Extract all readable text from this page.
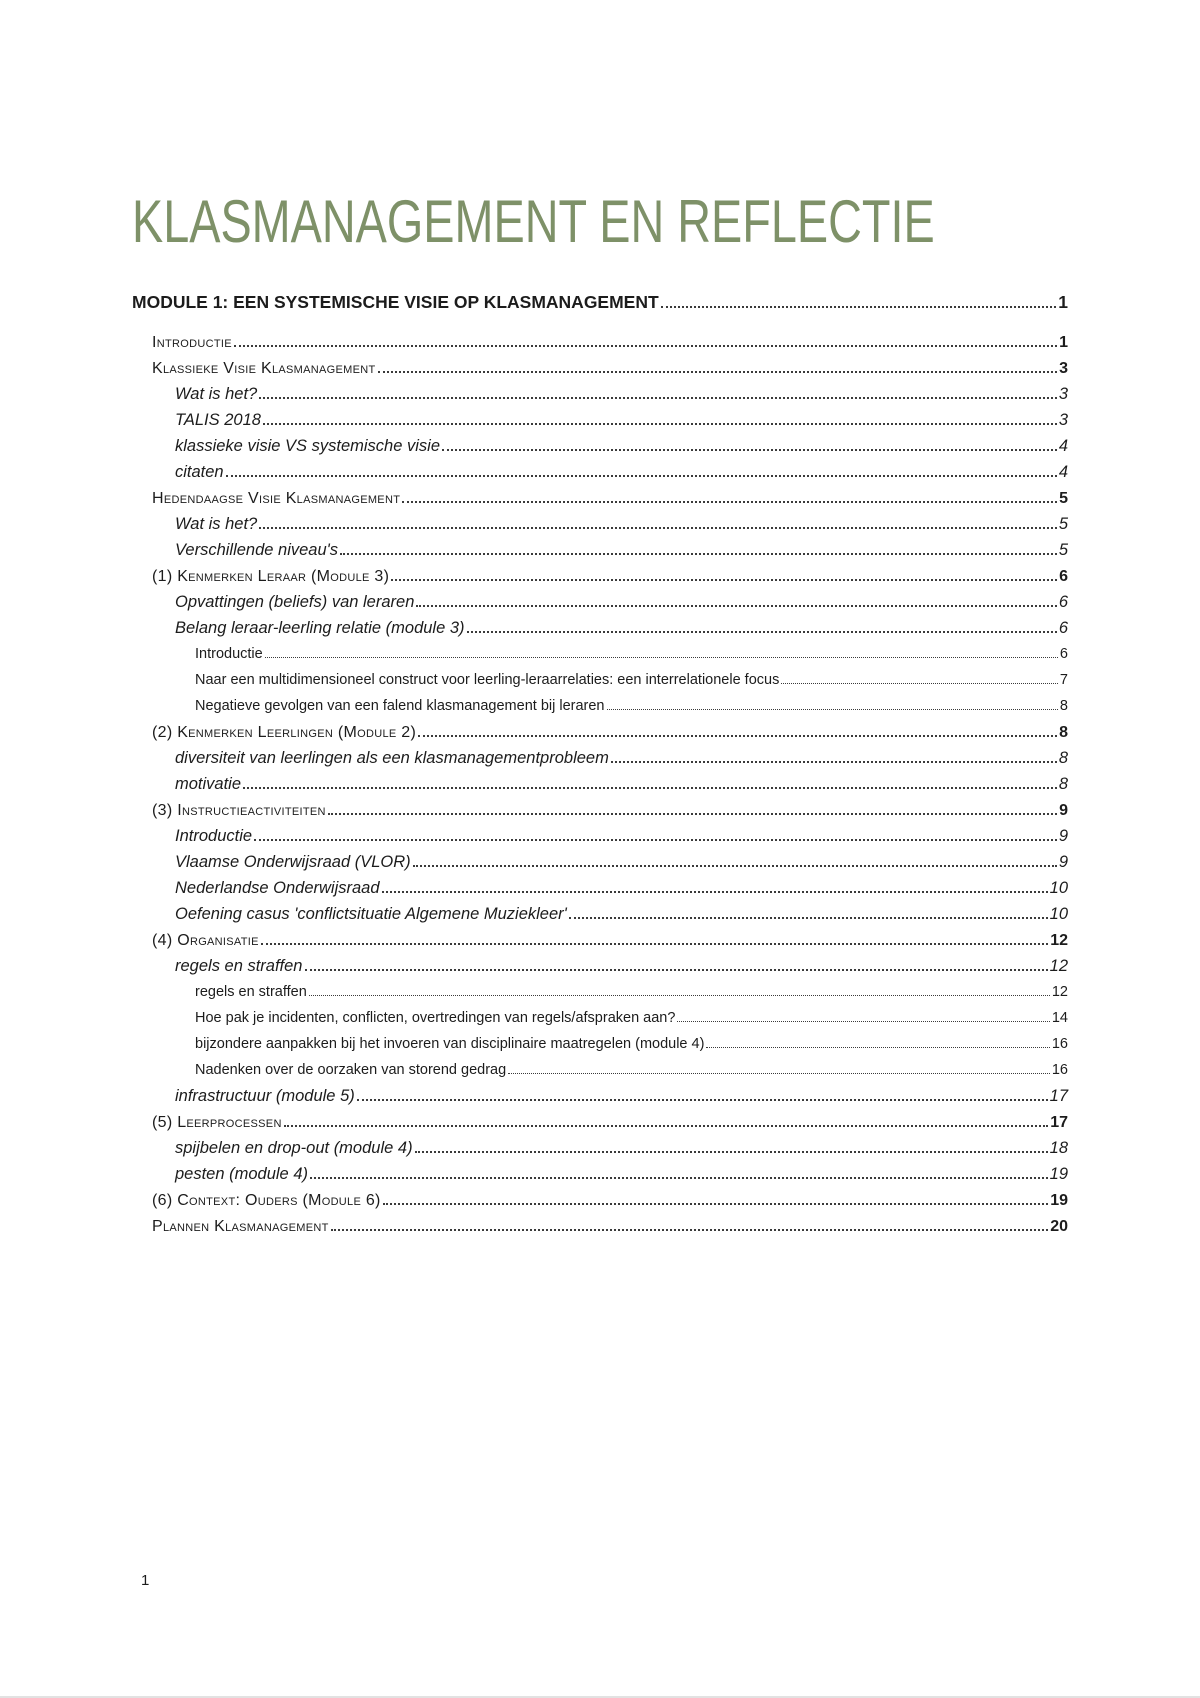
KLASMANAGEMENT EN REFLECTIE
MODULE 1: EEN SYSTEMISCHE VISIE OP KLASMANAGEMENT	1
Introductie	1
Klassieke Visie Klasmanagement	3
Wat is het?	3
TALIS 2018	3
klassieke visie VS systemische visie	4
citaten	4
Hedendaagse Visie Klasmanagement	5
Wat is het?	5
Verschillende niveau's	5
(1) Kenmerken Leraar (Module 3)	6
Opvattingen (beliefs) van leraren	6
Belang leraar-leerling relatie (module 3)	6
Introductie	6
Naar een multidimensioneel construct voor leerling-leraarrelaties: een interrelationele focus	7
Negatieve gevolgen van een falend klasmanagement bij leraren	8
(2) Kenmerken Leerlingen (Module 2)	8
diversiteit van leerlingen als een klasmanagementprobleem	8
motivatie	8
(3) Instructieactiviteiten	9
Introductie	9
Vlaamse Onderwijsraad (VLOR)	9
Nederlandse Onderwijsraad	10
Oefening casus 'conflictsituatie Algemene Muziekleer'	10
(4) Organisatie	12
regels en straffen	12
regels en straffen	12
Hoe pak je incidenten, conflicten, overtredingen van regels/afspraken aan?	14
bijzondere aanpakken bij het invoeren van disciplinaire maatregelen (module 4)	16
Nadenken over de oorzaken van storend gedrag	16
infrastructuur (module 5)	17
(5) Leerprocessen	17
spijbelen en drop-out (module 4)	18
pesten (module 4)	19
(6) Context: Ouders (Module 6)	19
Plannen Klasmanagement	20
1
